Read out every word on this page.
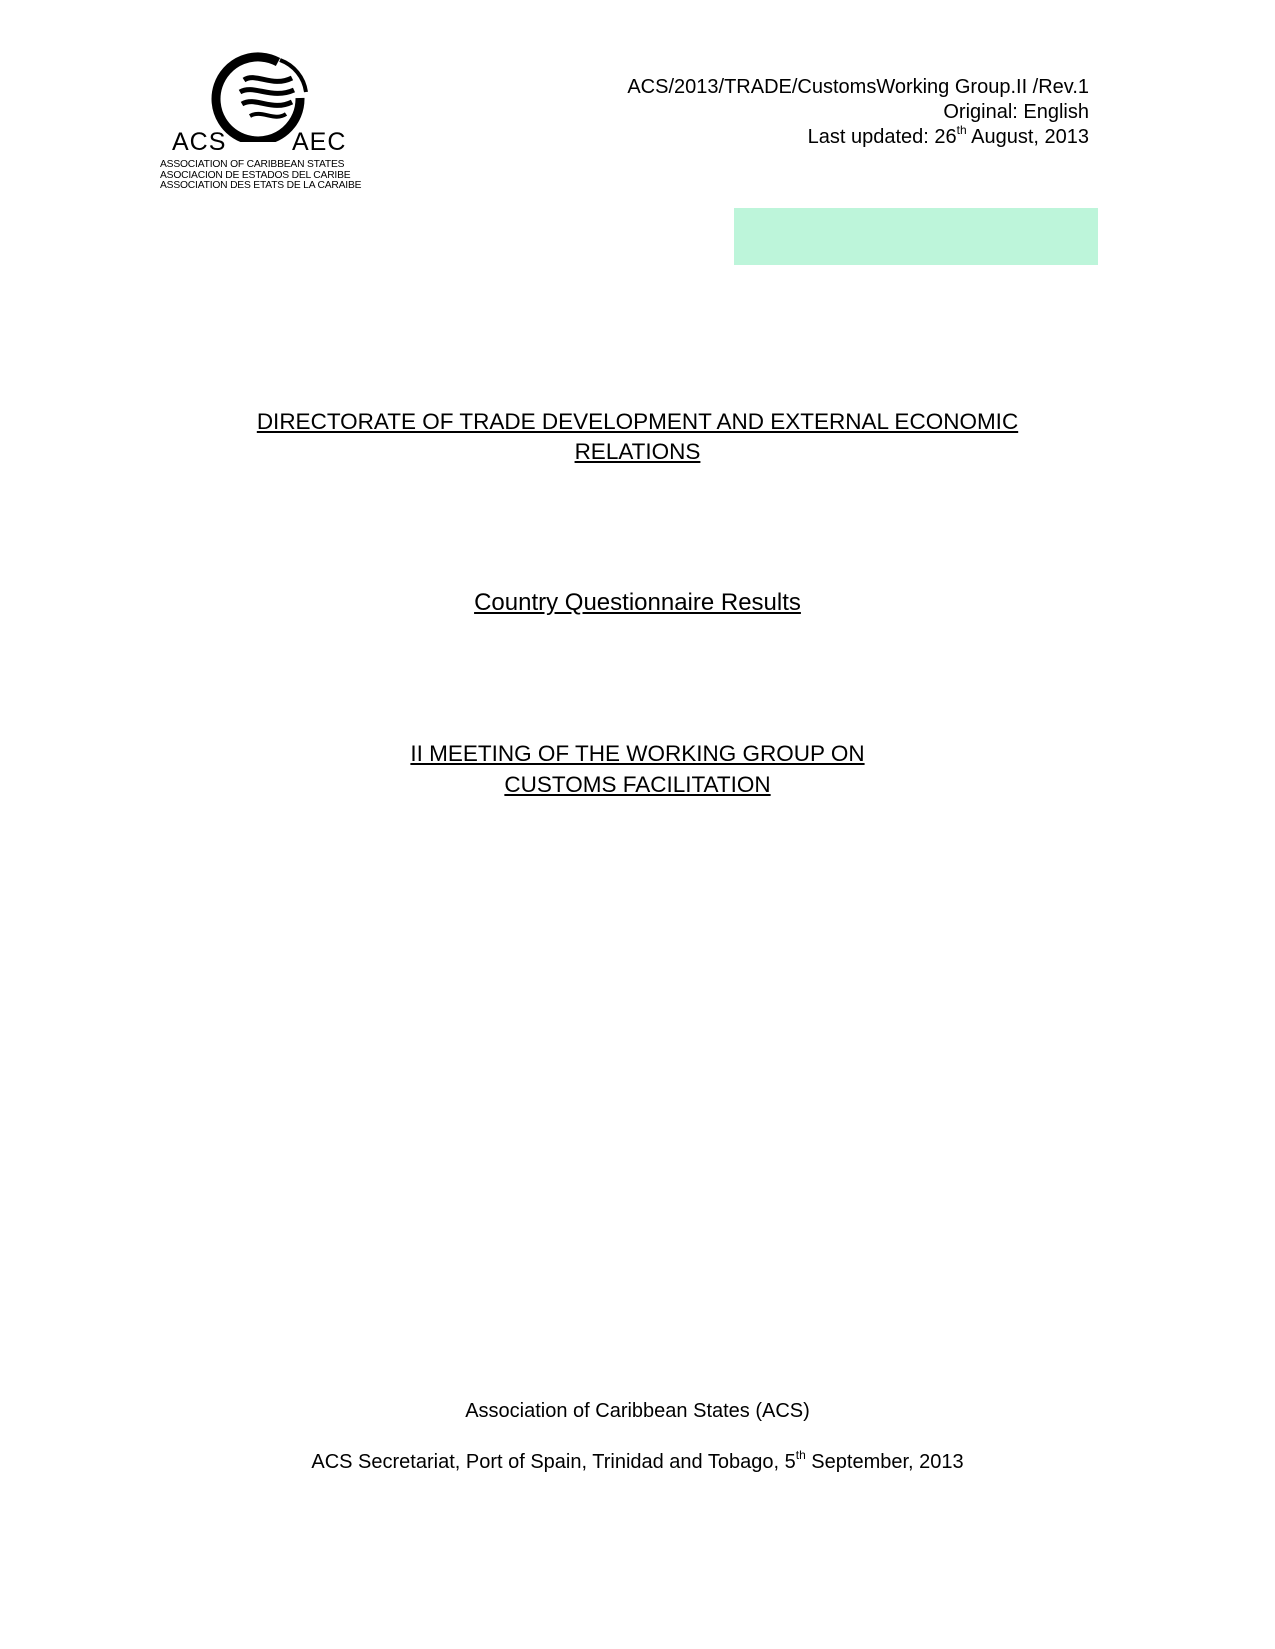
ACS	AEC
ASSOCIATION OF CARIBBEAN STATES
ASOCIACION DE ESTADOS DEL CARIBE
ASSOCIATION DES ETATS DE LA CARAIBE
ACS/2013/TRADE/CustomsWorking Group.II /Rev.1
Original: English
Last updated: 26th August, 2013
DIRECTORATE OF TRADE DEVELOPMENT AND EXTERNAL ECONOMIC
RELATIONS
Country Questionnaire Results
II MEETING OF THE WORKING GROUP ON
CUSTOMS FACILITATION
Association of Caribbean States (ACS)
ACS Secretariat, Port of Spain, Trinidad and Tobago, 5th September, 2013
